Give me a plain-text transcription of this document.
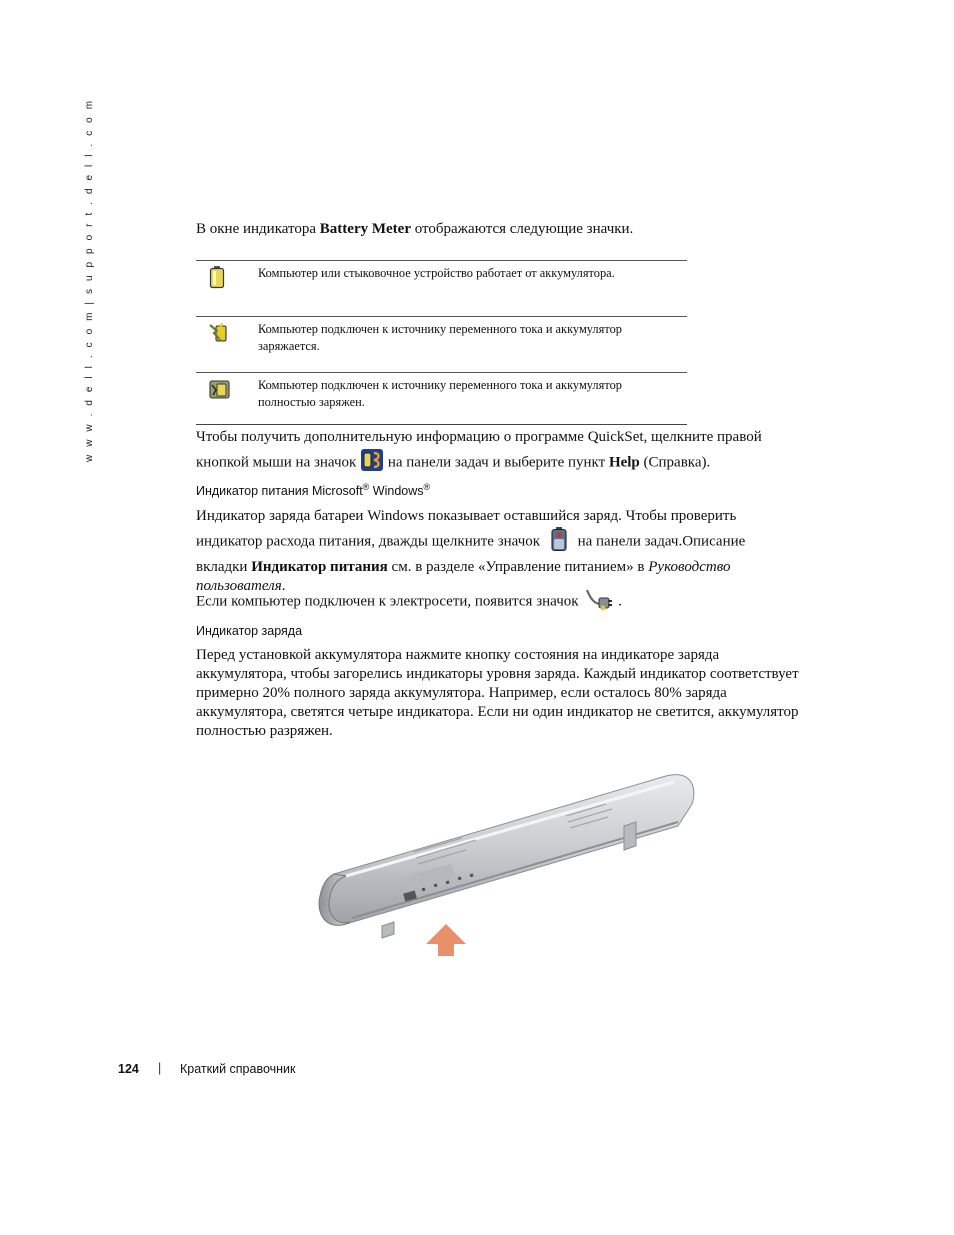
w w w . d e l l . c o m | s u p p o r t . d e l l . c o m	В окне индикатора Battery Meter отображаются следующие значки.
	Компьютер или стыковочное устройство работает от аккумулятора.
	Компьютер подключен к источнику переменного тока и аккумулятор заряжается.
	Компьютер подключен к источнику переменного тока и аккумулятор полностью заряжен.
Чтобы получить дополнительную информацию о программе QuickSet, щелкните правой кнопкой мыши на значок  на панели задач и выберите пункт Help (Справка).
Индикатор питания Microsoft® Windows®
Индикатор заряда батареи Windows показывает оставшийся заряд. Чтобы проверить индикатор расхода питания, дважды щелкните значок  на панели задач.Описание вкладки Индикатор питания см. в разделе «Управление питанием» в Руководство пользователя.
Если компьютер подключен к электросети, появится значок .
Индикатор заряда
Перед установкой аккумулятора нажмите кнопку состояния на индикаторе заряда аккумулятора, чтобы загорелись индикаторы уровня заряда. Каждый индикатор соответствует примерно 20% полного заряда аккумулятора. Например, если осталось 80% заряда аккумулятора, светятся четыре индикатора. Если ни один индикатор не светится, аккумулятор полностью разряжен.
124 | Краткий справочник
